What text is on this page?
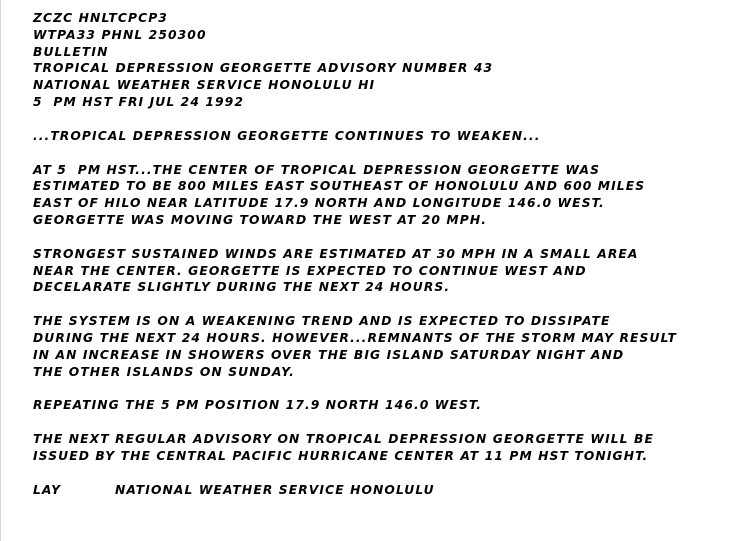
ZCZC HNLTCPCP3
WTPA33 PHNL 250300
BULLETIN
TROPICAL DEPRESSION GEORGETTE ADVISORY NUMBER 43
NATIONAL WEATHER SERVICE HONOLULU HI
5  PM HST FRI JUL 24 1992
...TROPICAL DEPRESSION GEORGETTE CONTINUES TO WEAKEN...
AT 5  PM HST...THE CENTER OF TROPICAL DEPRESSION GEORGETTE WAS
ESTIMATED TO BE 800 MILES EAST SOUTHEAST OF HONOLULU AND 600 MILES
EAST OF HILO NEAR LATITUDE 17.9 NORTH AND LONGITUDE 146.0 WEST.
GEORGETTE WAS MOVING TOWARD THE WEST AT 20 MPH.
STRONGEST SUSTAINED WINDS ARE ESTIMATED AT 30 MPH IN A SMALL AREA
NEAR THE CENTER. GEORGETTE IS EXPECTED TO CONTINUE WEST AND
DECELARATE SLIGHTLY DURING THE NEXT 24 HOURS.
THE SYSTEM IS ON A WEAKENING TREND AND IS EXPECTED TO DISSIPATE
DURING THE NEXT 24 HOURS. HOWEVER...REMNANTS OF THE STORM MAY RESULT
IN AN INCREASE IN SHOWERS OVER THE BIG ISLAND SATURDAY NIGHT AND
THE OTHER ISLANDS ON SUNDAY.
REPEATING THE 5 PM POSITION 17.9 NORTH 146.0 WEST.
THE NEXT REGULAR ADVISORY ON TROPICAL DEPRESSION GEORGETTE WILL BE
ISSUED BY THE CENTRAL PACIFIC HURRICANE CENTER AT 11 PM HST TONIGHT.
LAY          NATIONAL WEATHER SERVICE HONOLULU
